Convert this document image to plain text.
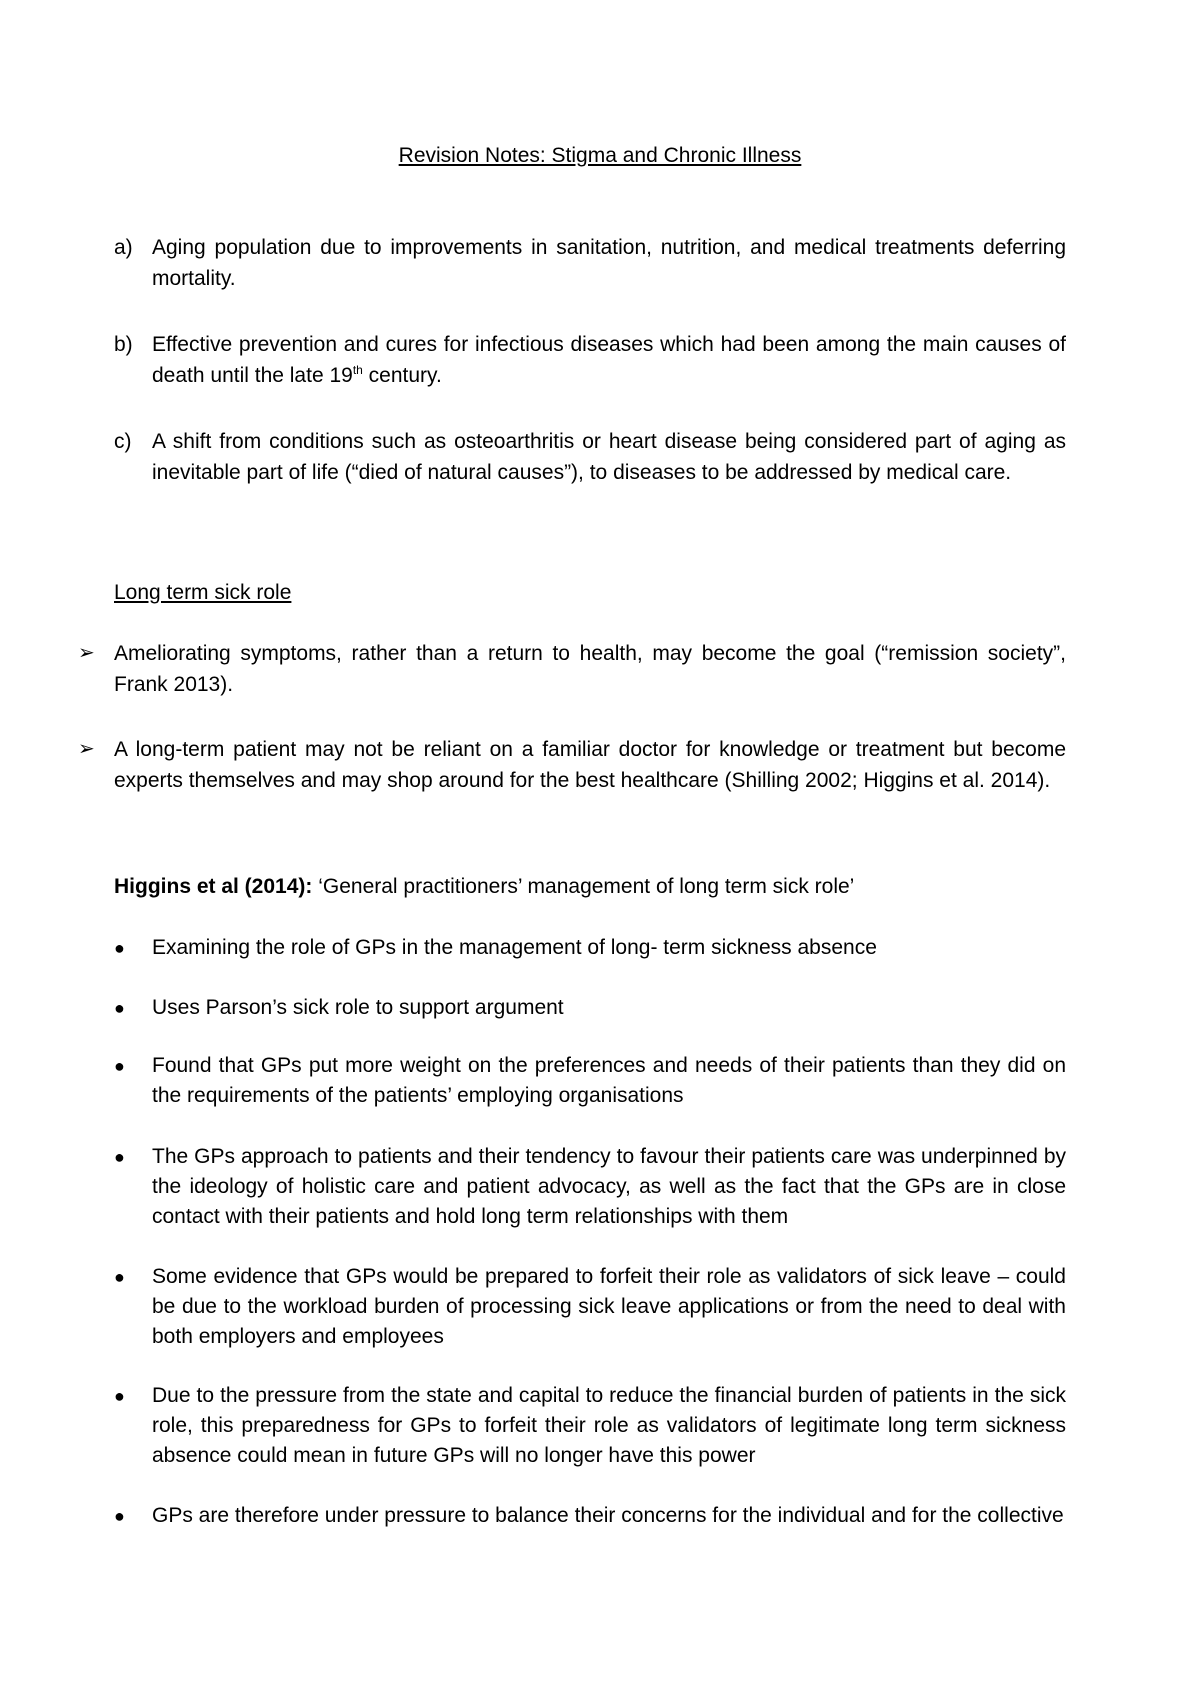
Revision Notes: Stigma and Chronic Illness
a) Aging population due to improvements in sanitation, nutrition, and medical treatments deferring mortality.
b) Effective prevention and cures for infectious diseases which had been among the main causes of death until the late 19th century.
c) A shift from conditions such as osteoarthritis or heart disease being considered part of aging as inevitable part of life (“died of natural causes”), to diseases to be addressed by medical care.
Long term sick role
➢ Ameliorating symptoms, rather than a return to health, may become the goal (“remission society”, Frank 2013).
➢ A long-term patient may not be reliant on a familiar doctor for knowledge or treatment but become experts themselves and may shop around for the best healthcare (Shilling 2002; Higgins et al. 2014).
Higgins et al (2014): ‘General practitioners’ management of long term sick role’
●	Examining the role of GPs in the management of long- term sickness absence
●	Uses Parson’s sick role to support argument
●	Found that GPs put more weight on the preferences and needs of their patients than they did on the requirements of the patients’ employing organisations
●	The GPs approach to patients and their tendency to favour their patients care was underpinned by the ideology of holistic care and patient advocacy, as well as the fact that the GPs are in close contact with their patients and hold long term relationships with them
●	Some evidence that GPs would be prepared to forfeit their role as validators of sick leave – could be due to the workload burden of processing sick leave applications or from the need to deal with both employers and employees
●	Due to the pressure from the state and capital to reduce the financial burden of patients in the sick role, this preparedness for GPs to forfeit their role as validators of legitimate long term sickness absence could mean in future GPs will no longer have this power
●	GPs are therefore under pressure to balance their concerns for the individual and for the collective
